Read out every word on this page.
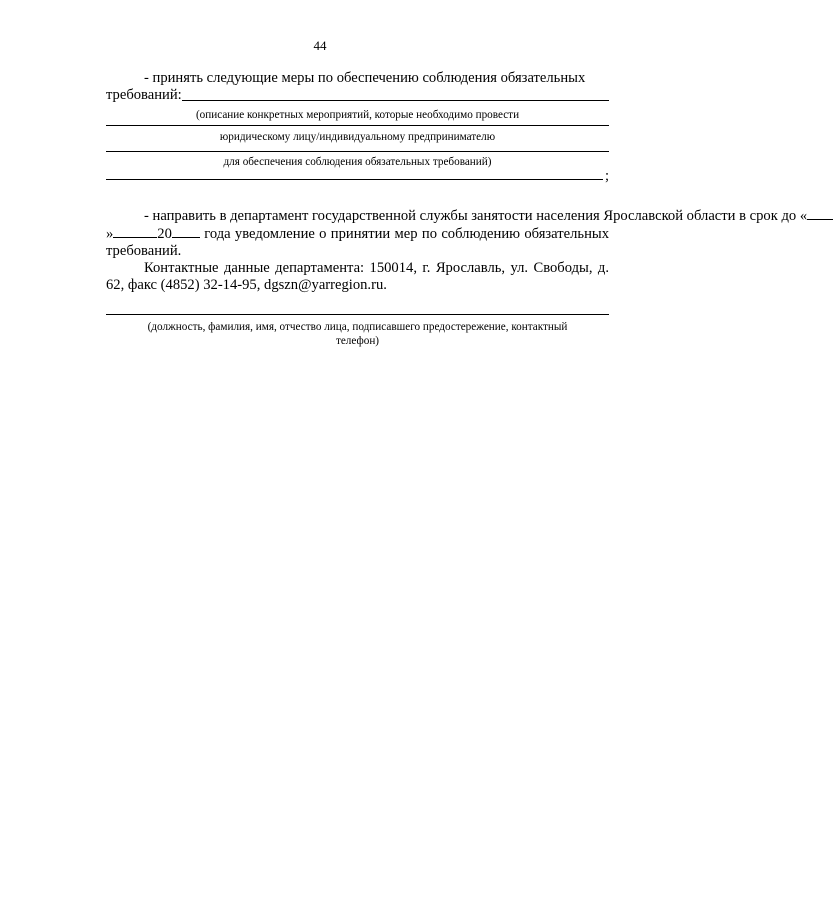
44

- принять следующие меры по обеспечению соблюдения обязательных

требований:

(описание конкретных мероприятий, которые необходимо провести

юридическому лицу/индивидуальному предпринимателю

для обеспечения соблюдения обязательных требований)

;

- направить в департамент государственной службы занятости населения Ярославской области в срок до «»	20 года уведомление о принятии мер по соблюдению обязательных требований.

Контактные данные департамента: 150014, г. Ярославль, ул. Свободы, д. 62, факс (4852) 32-14-95, dgszn@yarregion.ru.

(должность, фамилия, имя, отчество лица, подписавшего предостережение, контактный телефон)
